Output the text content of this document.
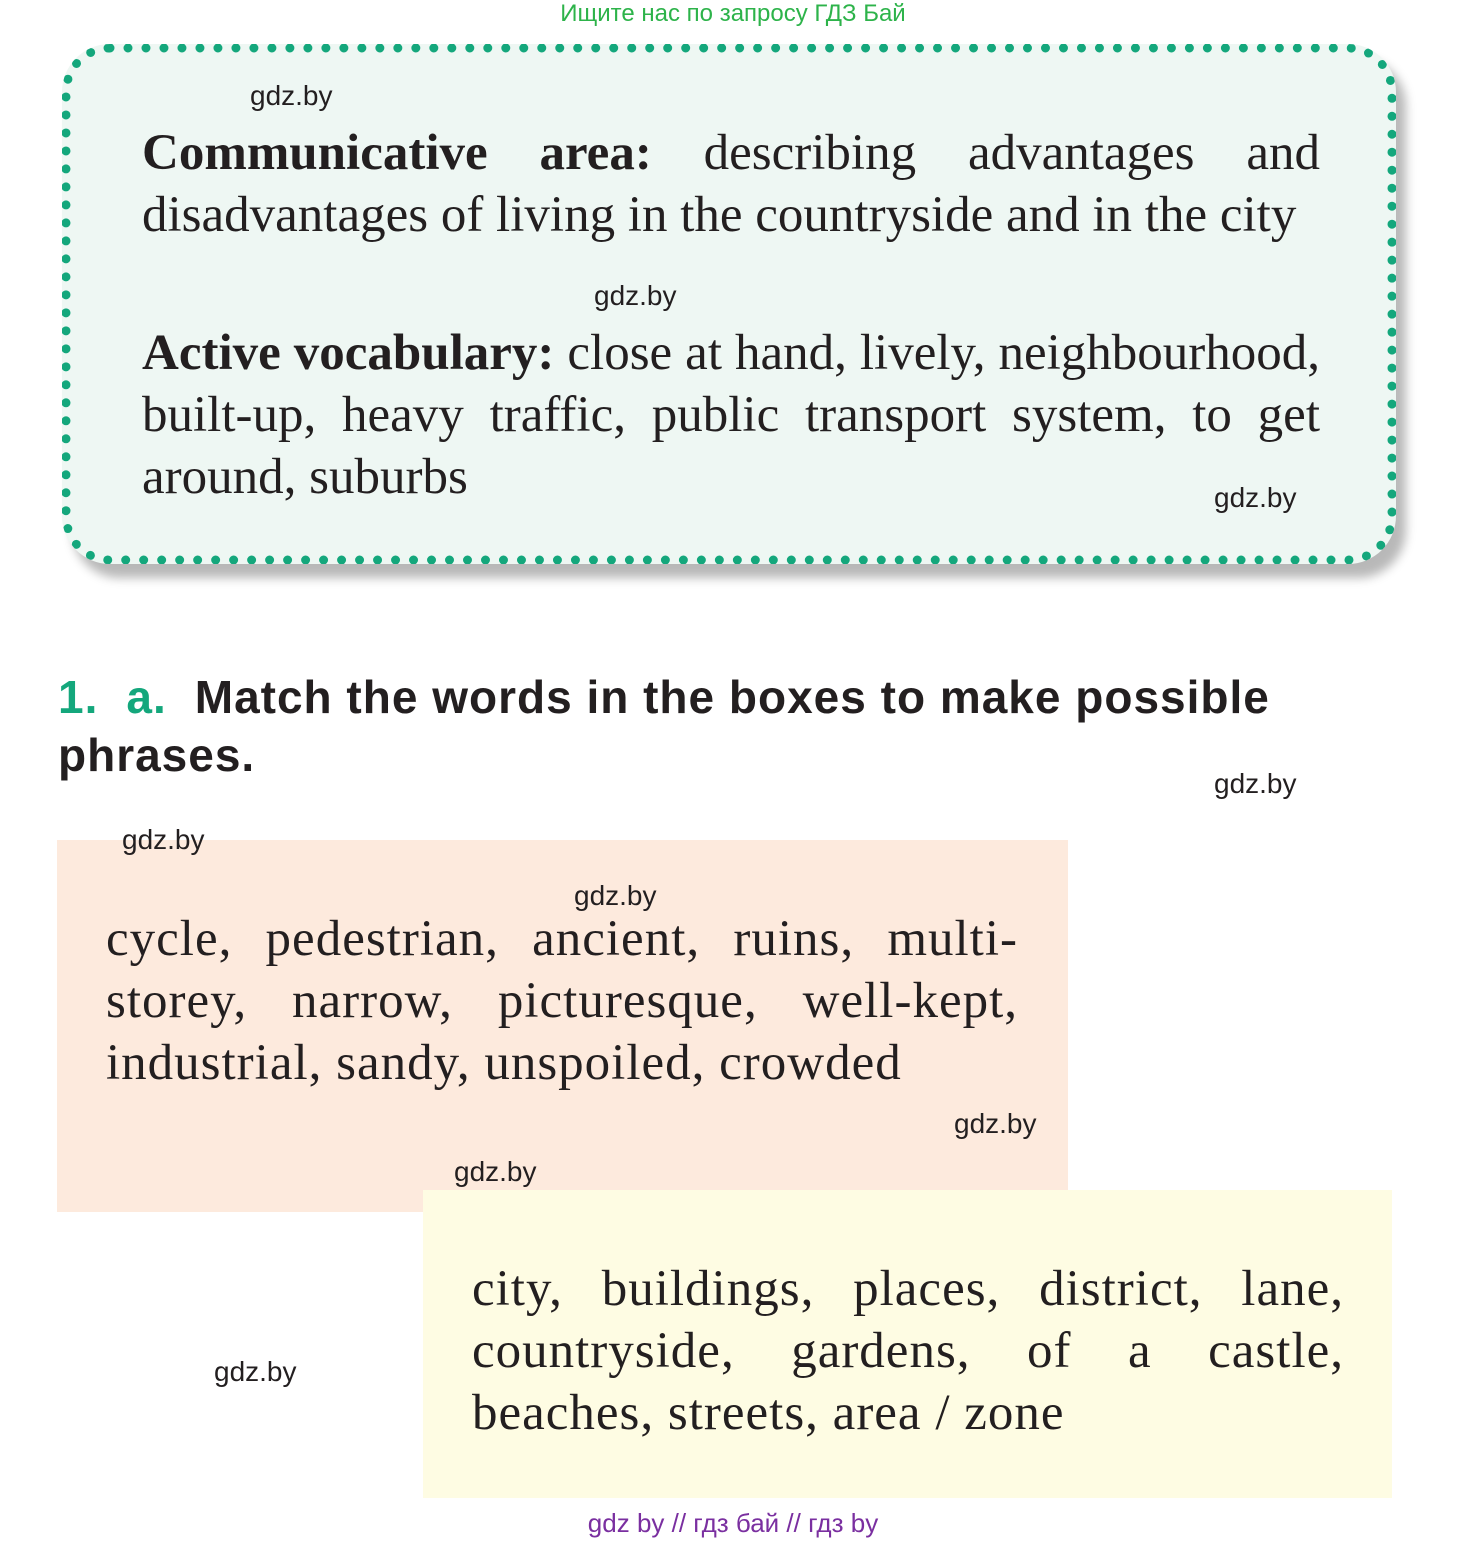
Ищите нас по запросу ГДЗ Бай

Communicative area: describing advantages and disadvantages of living in the countryside and in the city

Active vocabulary: close at hand, lively, neighbourhood, built-up, heavy traffic, public transport system, to get around, suburbs

gdz.by
gdz.by
gdz.by
1. a. Match the words in the boxes to make possible phrases.
gdz.by

cycle, pedestrian, ancient, ruins, multi-storey, narrow, picturesque, well-kept, industrial, sandy, unspoiled, crowded

city, buildings, places, district, lane, countryside, gardens, of a castle, beaches, streets, area / zone

gdz.by
gdz.by
gdz.by
gdz.by
gdz.by
gdz by // гдз бай // гдз by
